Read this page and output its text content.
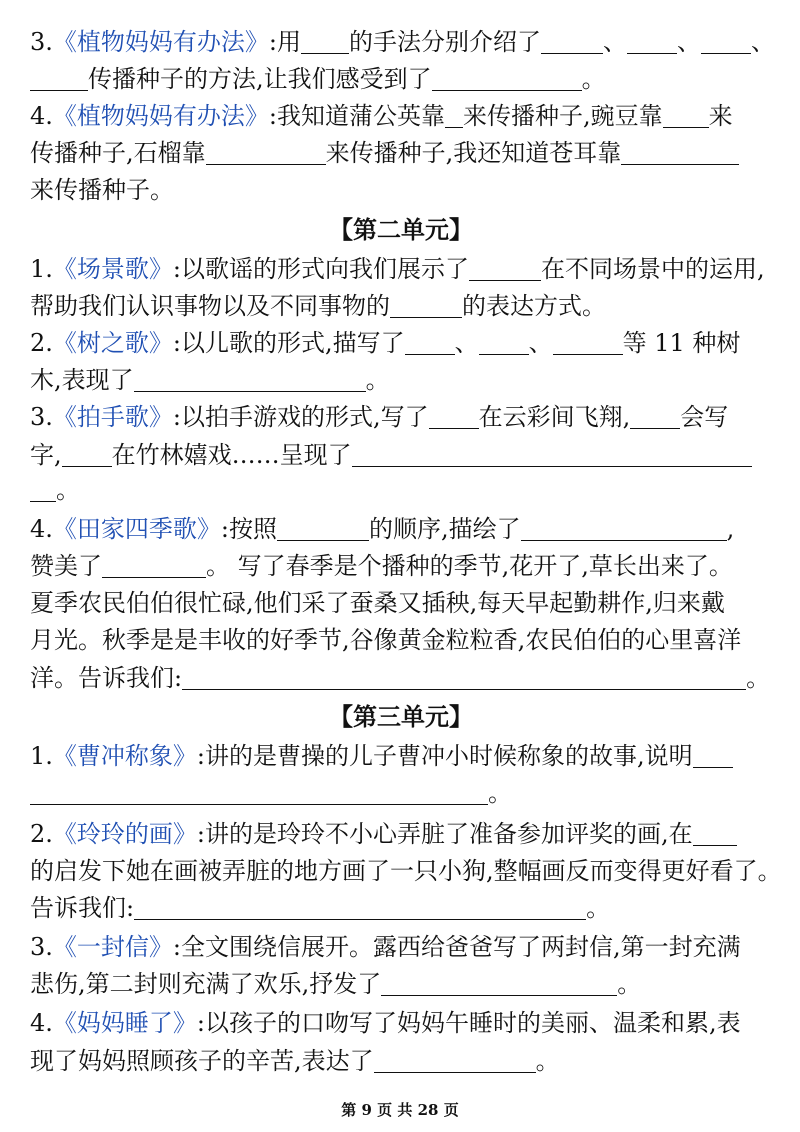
3.《植物妈妈有办法》:用 的手法分别介绍了	、 、 、
传播种子的方法,让我们感受到了	。
4.《植物妈妈有办法》:我知道蒲公英靠 来传播种子,豌豆靠 来
传播种子,石榴靠	来传播种子,我还知道苍耳靠
来传播种子。
【第二单元】
1.《场景歌》:以歌谣的形式向我们展示了	在不同场景中的运用,
帮助我们认识事物以及不同事物的	的表达方式。
2.《树之歌》:以儿歌的形式,描写了 、 、	等 11 种树
木,表现了	。
3.《拍手歌》:以拍手游戏的形式,写了 在云彩间飞翔, 会写
字, 在竹林嬉戏……呈现了
。
4.《田家四季歌》:按照	的顺序,描绘了	,
赞美了	。 写了春季是个播种的季节,花开了,草长出来了。
夏季农民伯伯很忙碌,他们采了蚕桑又插秧,每天早起勤耕作,归来戴
月光。秋季是是丰收的好季节,谷像黄金粒粒香,农民伯伯的心里喜洋
洋。告诉我们:	。
【第三单元】
1.《曹冲称象》:讲的是曹操的儿子曹冲小时候称象的故事,说明
。
2.《玲玲的画》:讲的是玲玲不小心弄脏了准备参加评奖的画,在
的启发下她在画被弄脏的地方画了一只小狗,整幅画反而变得更好看了。
告诉我们:	。
3.《一封信》:全文围绕信展开。露西给爸爸写了两封信,第一封充满
悲伤,第二封则充满了欢乐,抒发了	。
4.《妈妈睡了》:以孩子的口吻写了妈妈午睡时的美丽、温柔和累,表
现了妈妈照顾孩子的辛苦,表达了	。
第 9 页 共 28 页
